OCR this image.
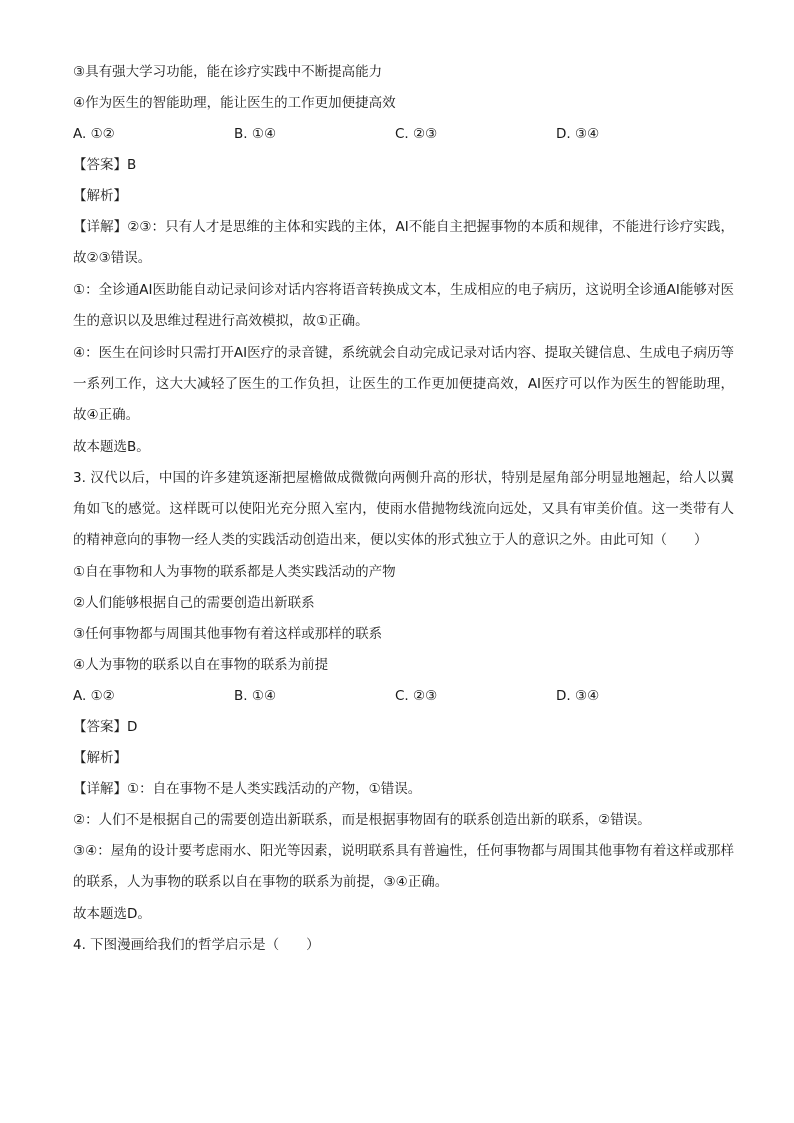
③具有强大学习功能，能在诊疗实践中不断提高能力
④作为医生的智能助理，能让医生的工作更加便捷高效
A. ①②	B. ①④	C. ②③	D. ③④
【答案】B
【解析】
【详解】②③：只有人才是思维的主体和实践的主体，AI不能自主把握事物的本质和规律，不能进行诊疗实践，故②③错误。
①：全诊通AI医助能自动记录问诊对话内容将语音转换成文本，生成相应的电子病历，这说明全诊通AI能够对医生的意识以及思维过程进行高效模拟，故①正确。
④：医生在问诊时只需打开AI医疗的录音键，系统就会自动完成记录对话内容、提取关键信息、生成电子病历等一系列工作，这大大减轻了医生的工作负担，让医生的工作更加便捷高效，AI医疗可以作为医生的智能助理，故④正确。
故本题选B。
3. 汉代以后，中国的许多建筑逐渐把屋檐做成微微向两侧升高的形状，特别是屋角部分明显地翘起，给人以翼角如飞的感觉。这样既可以使阳光充分照入室内，使雨水借抛物线流向远处，又具有审美价值。这一类带有人的精神意向的事物一经人类的实践活动创造出来，便以实体的形式独立于人的意识之外。由此可知（　　）
①自在事物和人为事物的联系都是人类实践活动的产物
②人们能够根据自己的需要创造出新联系
③任何事物都与周围其他事物有着这样或那样的联系
④人为事物的联系以自在事物的联系为前提
A. ①②	B. ①④	C. ②③	D. ③④
【答案】D
【解析】
【详解】①：自在事物不是人类实践活动的产物，①错误。
②：人们不是根据自己的需要创造出新联系，而是根据事物固有的联系创造出新的联系，②错误。
③④：屋角的设计要考虑雨水、阳光等因素，说明联系具有普遍性，任何事物都与周围其他事物有着这样或那样的联系，人为事物的联系以自在事物的联系为前提，③④正确。
故本题选D。
4. 下图漫画给我们的哲学启示是（　　）
